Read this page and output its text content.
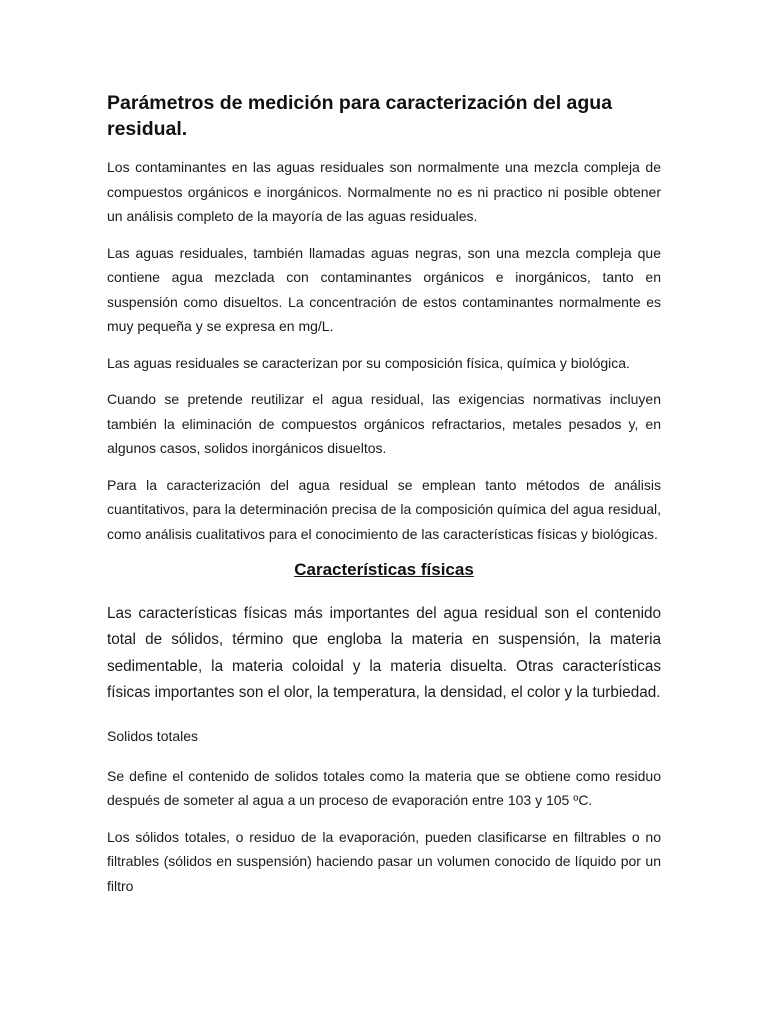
Parámetros de medición para caracterización del agua residual.

Los contaminantes en las aguas residuales son normalmente una mezcla compleja de compuestos orgánicos e inorgánicos. Normalmente no es ni practico ni posible obtener un análisis completo de la mayoría de las aguas residuales.

Las aguas residuales, también llamadas aguas negras, son una mezcla compleja que contiene agua mezclada con contaminantes orgánicos e inorgánicos, tanto en suspensión como disueltos. La concentración de estos contaminantes normalmente es muy pequeña y se expresa en mg/L.

Las aguas residuales se caracterizan por su composición física, química y biológica.

Cuando se pretende reutilizar el agua residual, las exigencias normativas incluyen también la eliminación de compuestos orgánicos refractarios, metales pesados y, en algunos casos, solidos inorgánicos disueltos.

Para la caracterización del agua residual se emplean tanto métodos de análisis cuantitativos, para la determinación precisa de la composición química del agua residual, como análisis cualitativos para el conocimiento de las características físicas y biológicas.

Características físicas

Las características físicas más importantes del agua residual son el contenido total de sólidos, término que engloba la materia en suspensión, la materia sedimentable, la materia coloidal y la materia disuelta. Otras características físicas importantes son el olor, la temperatura, la densidad, el color y la turbiedad.

Solidos totales

Se define el contenido de solidos totales como la materia que se obtiene como residuo después de someter al agua a un proceso de evaporación entre 103 y 105 ºC.

Los sólidos totales, o residuo de la evaporación, pueden clasificarse en filtrables o no filtrables (sólidos en suspensión) haciendo pasar un volumen conocido de líquido por un filtro
